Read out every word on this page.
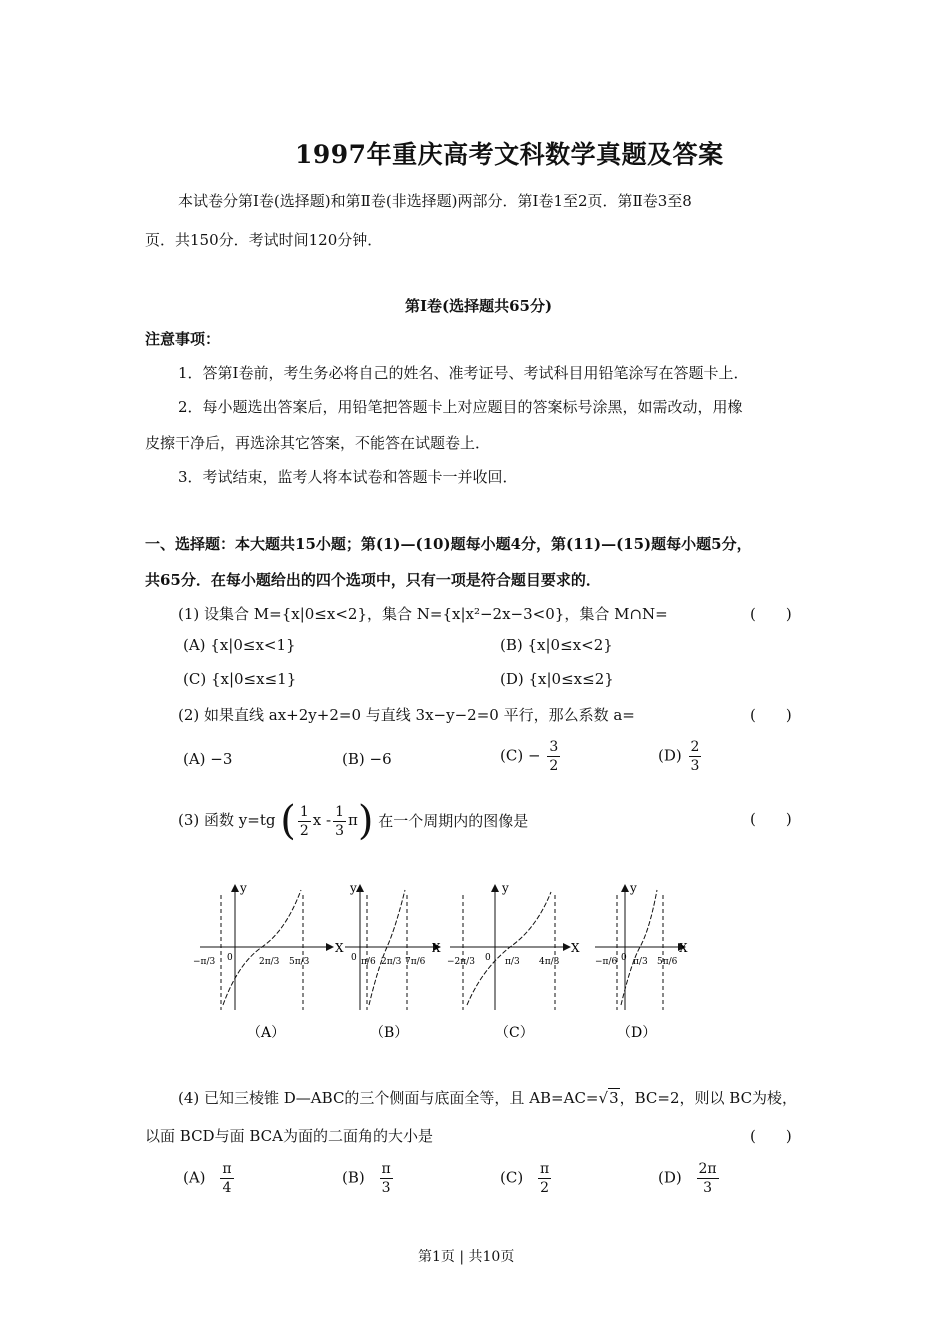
1997年重庆高考文科数学真题及答案
本试卷分第Ⅰ卷(选择题)和第Ⅱ卷(非选择题)两部分．第Ⅰ卷1至2页．第Ⅱ卷3至8
页．共150分．考试时间120分钟．
第Ⅰ卷(选择题共65分)
注意事项：
1．答第Ⅰ卷前，考生务必将自己的姓名、准考证号、考试科目用铅笔涂写在答题卡上．
2．每小题选出答案后，用铅笔把答题卡上对应题目的答案标号涂黑，如需改动，用橡
皮擦干净后，再选涂其它答案，不能答在试题卷上．
3．考试结束，监考人将本试卷和答题卡一并收回．
一、选择题：本大题共15小题；第(1)—(10)题每小题4分，第(11)—(15)题每小题5分，
共65分．在每小题给出的四个选项中，只有一项是符合题目要求的．
(1) 设集合 M={x|0≤x<2}，集合 N={x|x²−2x−3<0}，集合 M∩N=	(　　)
(A) {x|0≤x<1}	(B) {x|0≤x<2}
(C) {x|0≤x≤1}	(D) {x|0≤x≤2}
(2) 如果直线 ax+2y+2=0 与直线 3x−y−2=0 平行，那么系数 a=	(　　)
(A) −3	(B) −6	$(C) - \frac{3}{2}$	$(D) \frac{2}{3}$
(3) 函数 y=tg ( $\frac{1}{2}$ x - $\frac{1}{3} \pi$) 在一个周期内的图像是	(　　)
X
y
−π/3 0	2π/3 5π/3
（A）
X
y
0 π/6 2π/3 7π/6
（B）
X
y
−2π/3 0 π/3 4π/3
（C）
X
y
−π/6 0 π/3 5π/6
（D）
(4) 已知三棱锥 D—ABC的三个侧面与底面全等，且 AB=AC=√3，BC=2，则以 BC为棱，
以面 BCD与面 BCA为面的二面角的大小是	(　　)
$(A) \frac{\pi}{4}$	$(B) \frac{\pi}{3}$	$(C) \frac{\pi}{2}$	$(D) \frac{2\pi}{3}$
第1页 | 共10页
